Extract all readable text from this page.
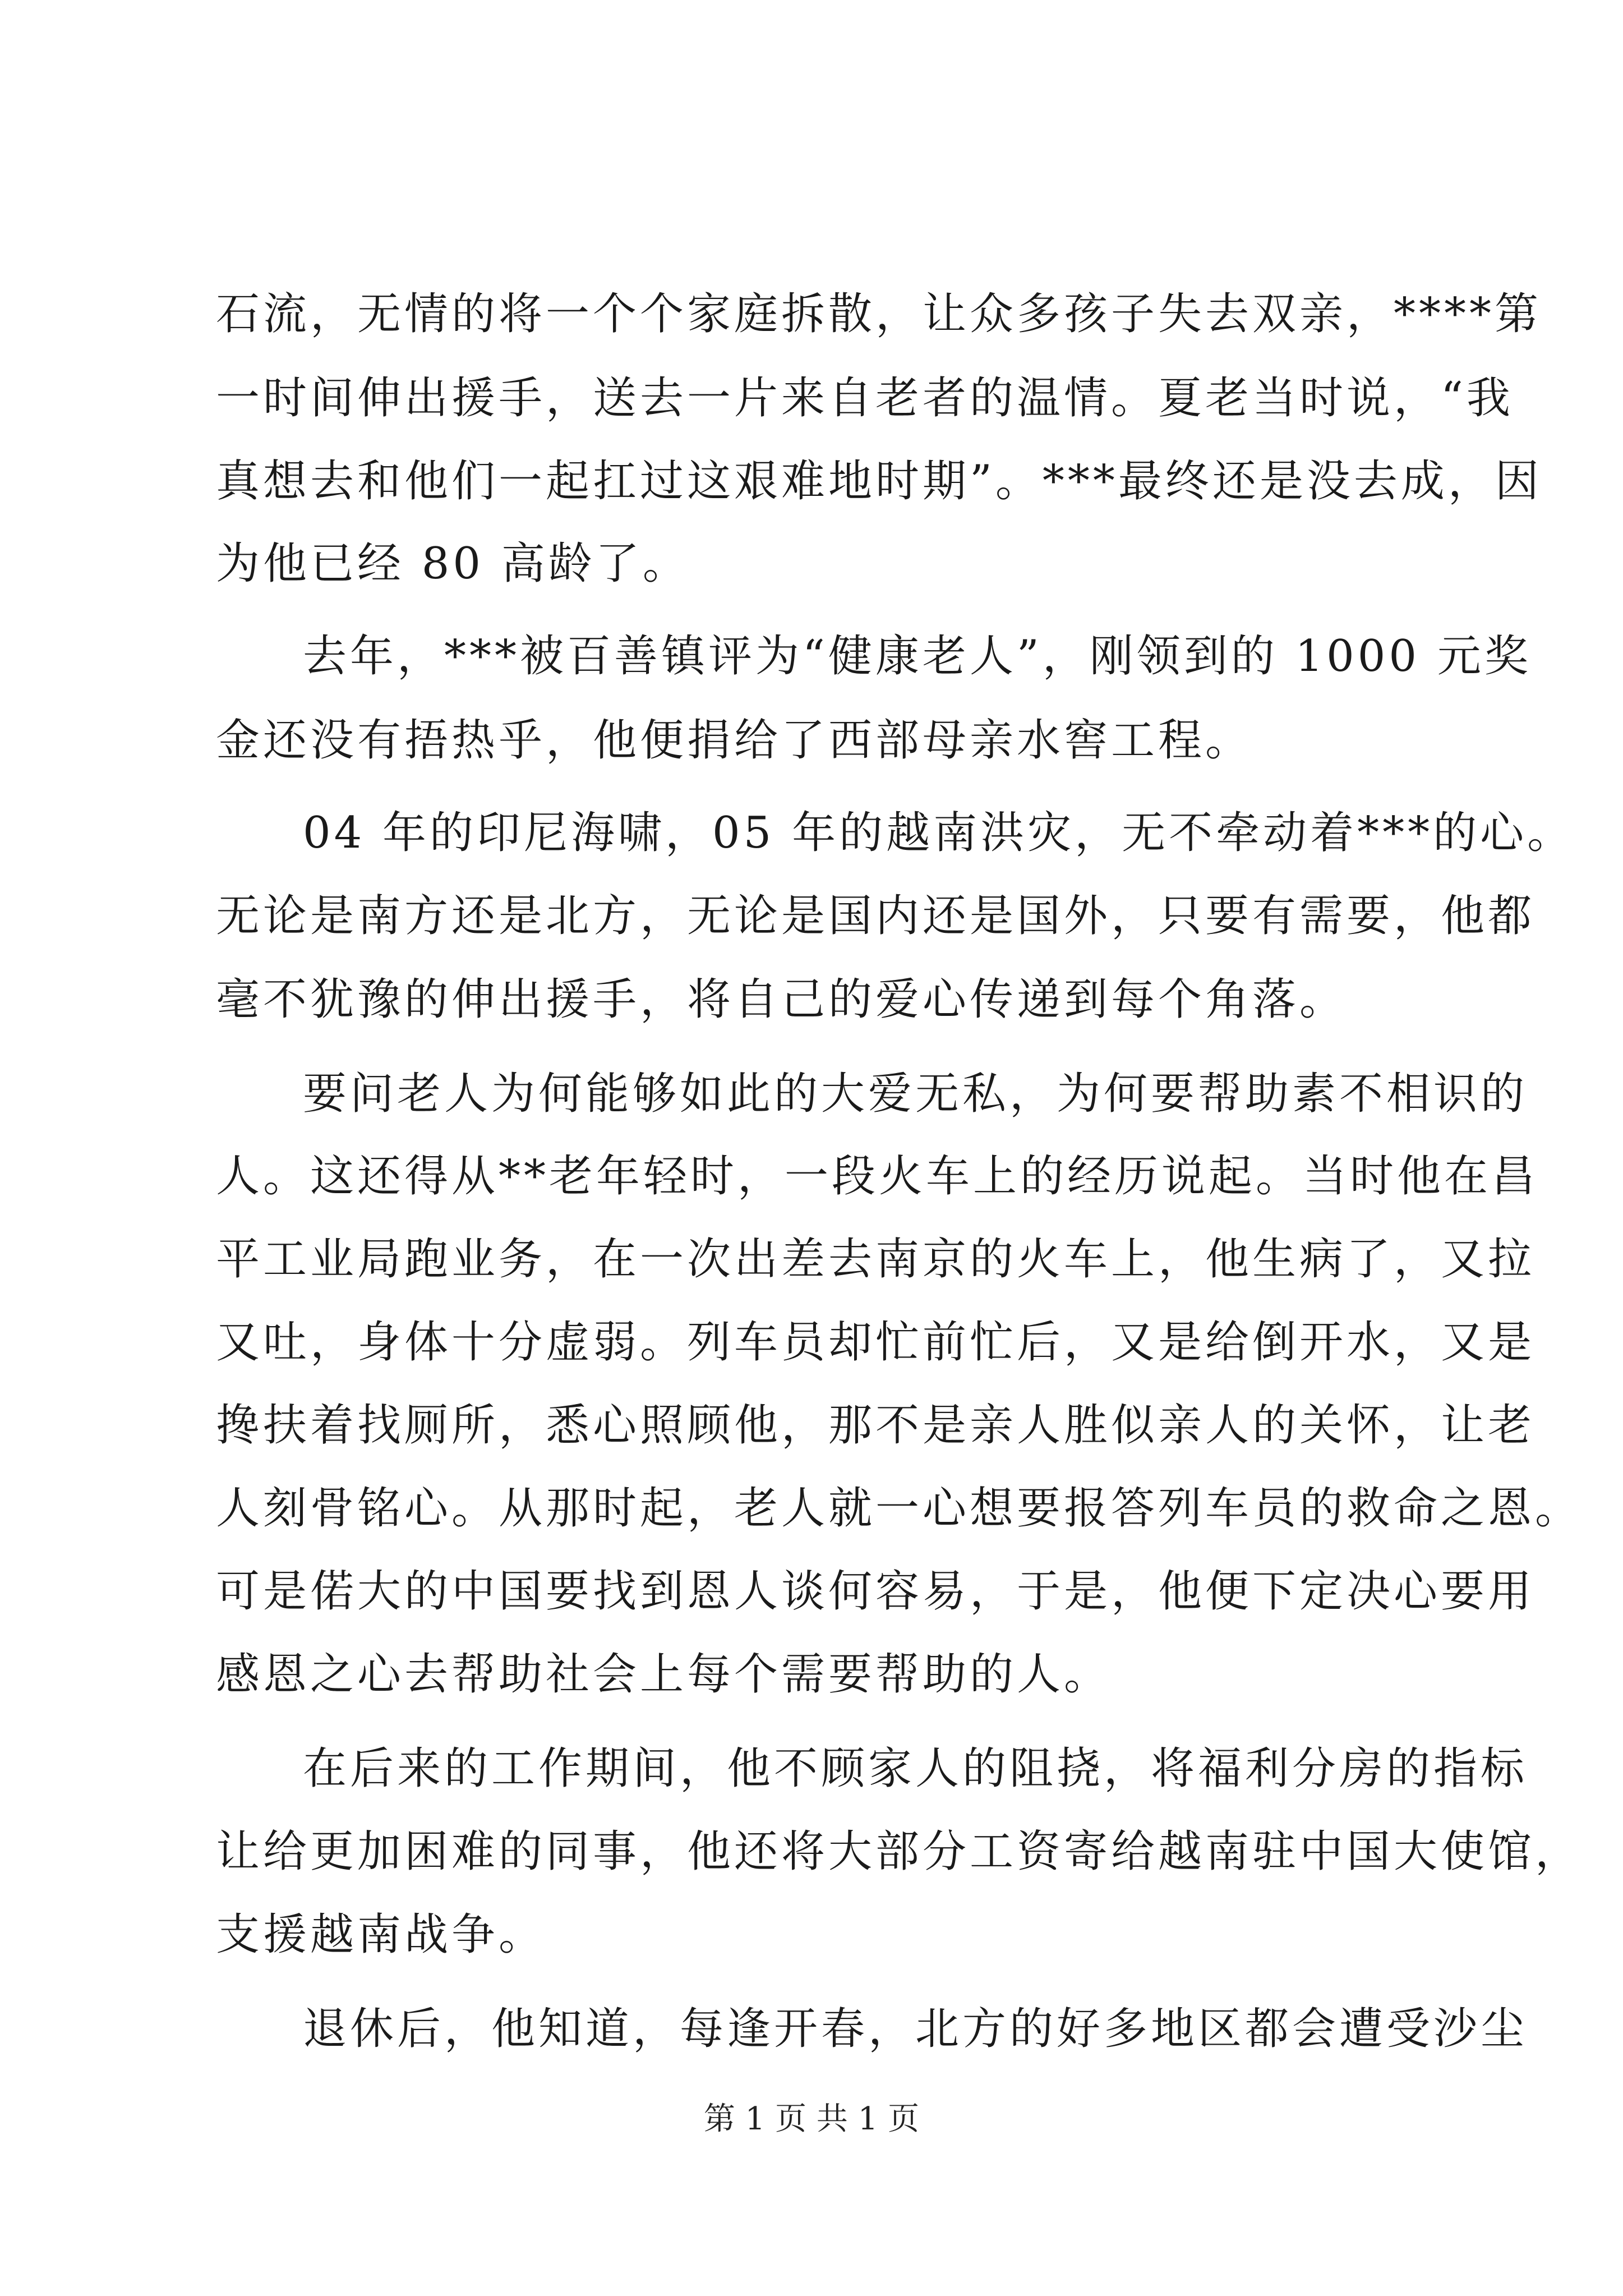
石流，无情的将一个个家庭拆散，让众多孩子失去双亲，****第
一时间伸出援手，送去一片来自老者的温情。夏老当时说，“我
真想去和他们一起扛过这艰难地时期”。***最终还是没去成，因
为他已经 80 高龄了。
去年，***被百善镇评为“健康老人”，刚领到的 1000 元奖
金还没有捂热乎，他便捐给了西部母亲水窖工程。
04 年的印尼海啸，05 年的越南洪灾，无不牵动着***的心。
无论是南方还是北方，无论是国内还是国外，只要有需要，他都
毫不犹豫的伸出援手，将自己的爱心传递到每个角落。
要问老人为何能够如此的大爱无私，为何要帮助素不相识的
人。这还得从**老年轻时，一段火车上的经历说起。当时他在昌
平工业局跑业务，在一次出差去南京的火车上，他生病了，又拉
又吐，身体十分虚弱。列车员却忙前忙后，又是给倒开水，又是
搀扶着找厕所，悉心照顾他，那不是亲人胜似亲人的关怀，让老
人刻骨铭心。从那时起，老人就一心想要报答列车员的救命之恩。
可是偌大的中国要找到恩人谈何容易，于是，他便下定决心要用
感恩之心去帮助社会上每个需要帮助的人。
在后来的工作期间，他不顾家人的阻挠，将福利分房的指标
让给更加困难的同事，他还将大部分工资寄给越南驻中国大使馆，
支援越南战争。
退休后，他知道，每逢开春，北方的好多地区都会遭受沙尘
第 1 页 共 1 页
